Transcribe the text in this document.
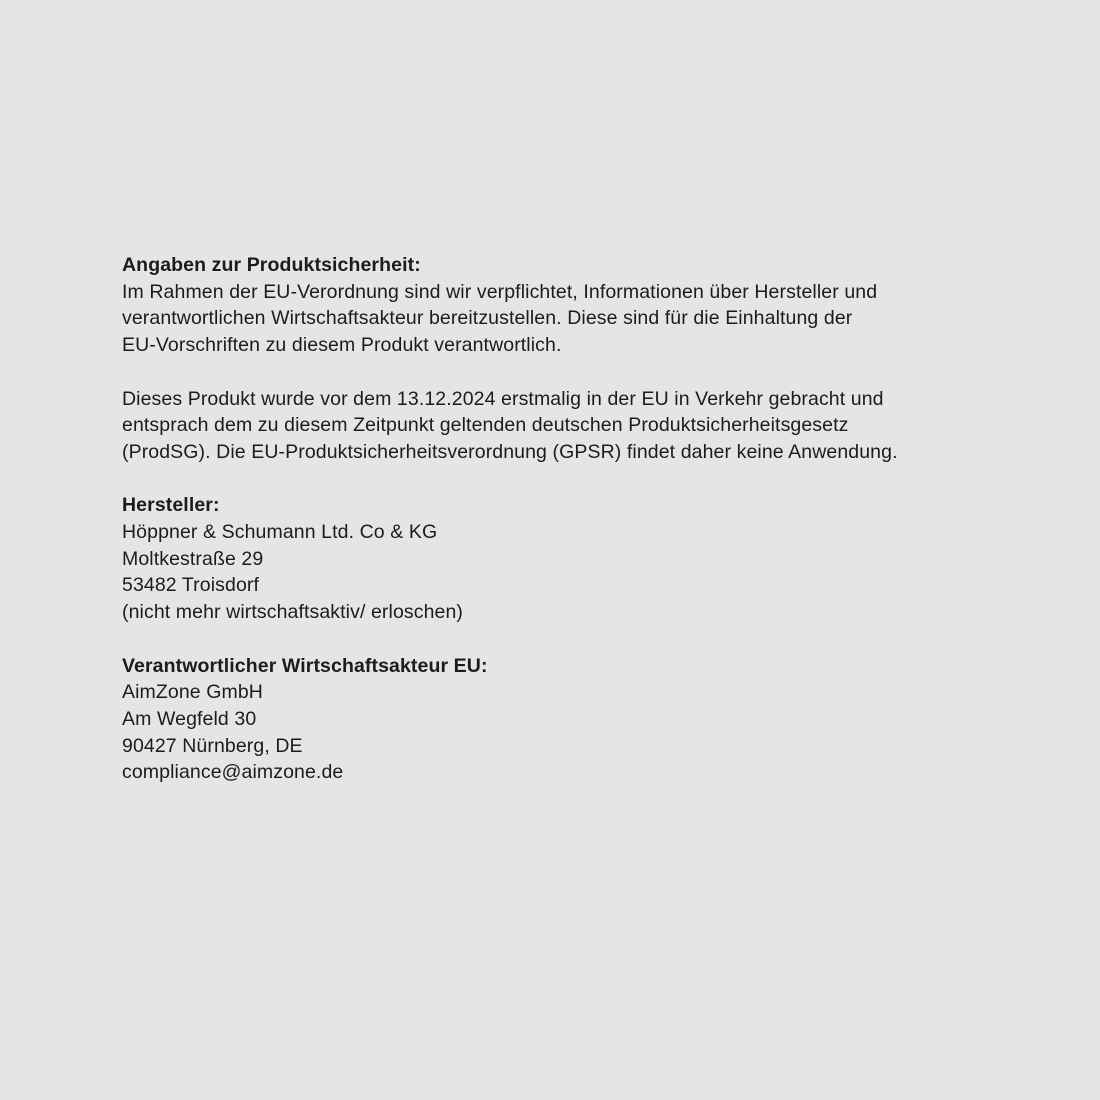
Angaben zur Produktsicherheit:
Im Rahmen der EU-Verordnung sind wir verpflichtet, Informationen über Hersteller und
verantwortlichen Wirtschaftsakteur bereitzustellen. Diese sind für die Einhaltung der
EU-Vorschriften zu diesem Produkt verantwortlich.
Dieses Produkt wurde vor dem 13.12.2024 erstmalig in der EU in Verkehr gebracht und
entsprach dem zu diesem Zeitpunkt geltenden deutschen Produktsicherheitsgesetz
(ProdSG). Die EU-Produktsicherheitsverordnung (GPSR) findet daher keine Anwendung.
Hersteller:
Höppner & Schumann Ltd. Co & KG
Moltkestraße 29
53482 Troisdorf
(nicht mehr wirtschaftsaktiv/ erloschen)
Verantwortlicher Wirtschaftsakteur EU:
AimZone GmbH
Am Wegfeld 30
90427 Nürnberg, DE
compliance@aimzone.de
